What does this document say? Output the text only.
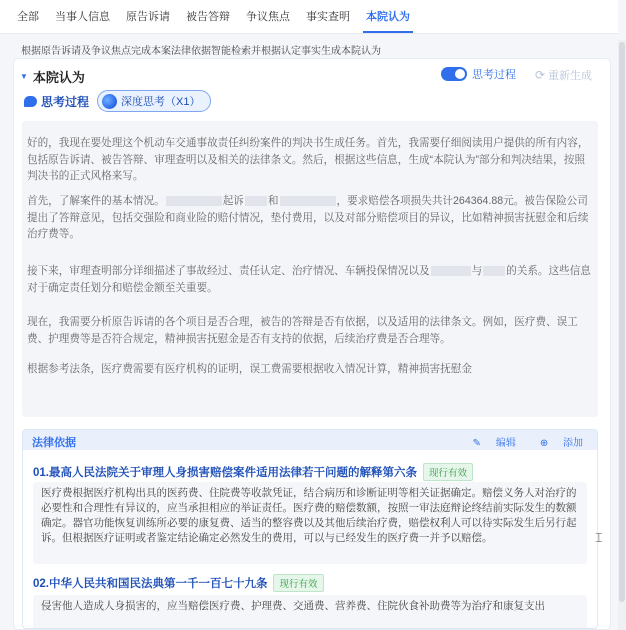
全部	当事人信息	原告诉请	被告答辩	争议焦点	事实查明	本院认为
根据原告诉请及争议焦点完成本案法律依据智能检索并根据认定事实生成本院认为
▼ 本院认为	思考过程 ⟳ 重新生成
思考过程	深度思考（X1）
好的，我现在要处理这个机动车交通事故责任纠纷案件的判决书生成任务。首先，我需要仔细阅读用户提供的所有内容，包括原告诉请、被告答辩、审理查明以及相关的法律条文。然后，根据这些信息，生成“本院认为”部分和判决结果，按照判决书的正式风格来写。
首先，了解案件的基本情况。	起诉 和	，要求赔偿各项损失共计264364.88元。被告保险公司提出了答辩意见，包括交强险和商业险的赔付情况，垫付费用，以及对部分赔偿项目的异议，比如精神损害抚慰金和后续治疗费等。
接下来，审理查明部分详细描述了事故经过、责任认定、治疗情况、车辆投保情况以及	与 的关系。这些信息对于确定责任划分和赔偿金额至关重要。
现在，我需要分析原告诉请的各个项目是否合理，被告的答辩是否有依据，以及适用的法律条文。例如，医疗费、误工费、护理费等是否符合规定，精神损害抚慰金是否有支持的依据，后续治疗费是否合理等。
根据参考法条，医疗费需要有医疗机构的证明，误工费需要根据收入情况计算，精神损害抚慰金
法律依据	✎ 编辑	⊕ 添加
01.最高人民法院关于审理人身损害赔偿案件适用法律若干问题的解释第六条	现行有效
医疗费根据医疗机构出具的医药费、住院费等收款凭证，结合病历和诊断证明等相关证据确定。赔偿义务人对治疗的必要性和合理性有异议的，应当承担相应的举证责任。医疗费的赔偿数额，按照一审法庭辩论终结前实际发生的数额确定。器官功能恢复训练所必要的康复费、适当的整容费以及其他后续治疗费，赔偿权利人可以待实际发生后另行起诉。但根据医疗证明或者鉴定结论确定必然发生的费用，可以与已经发生的医疗费一并予以赔偿。
02.中华人民共和国民法典第一千一百七十九条	现行有效
侵害他人造成人身损害的，应当赔偿医疗费、护理费、交通费、营养费、住院伙食补助费等为治疗和康复支出
⌶
